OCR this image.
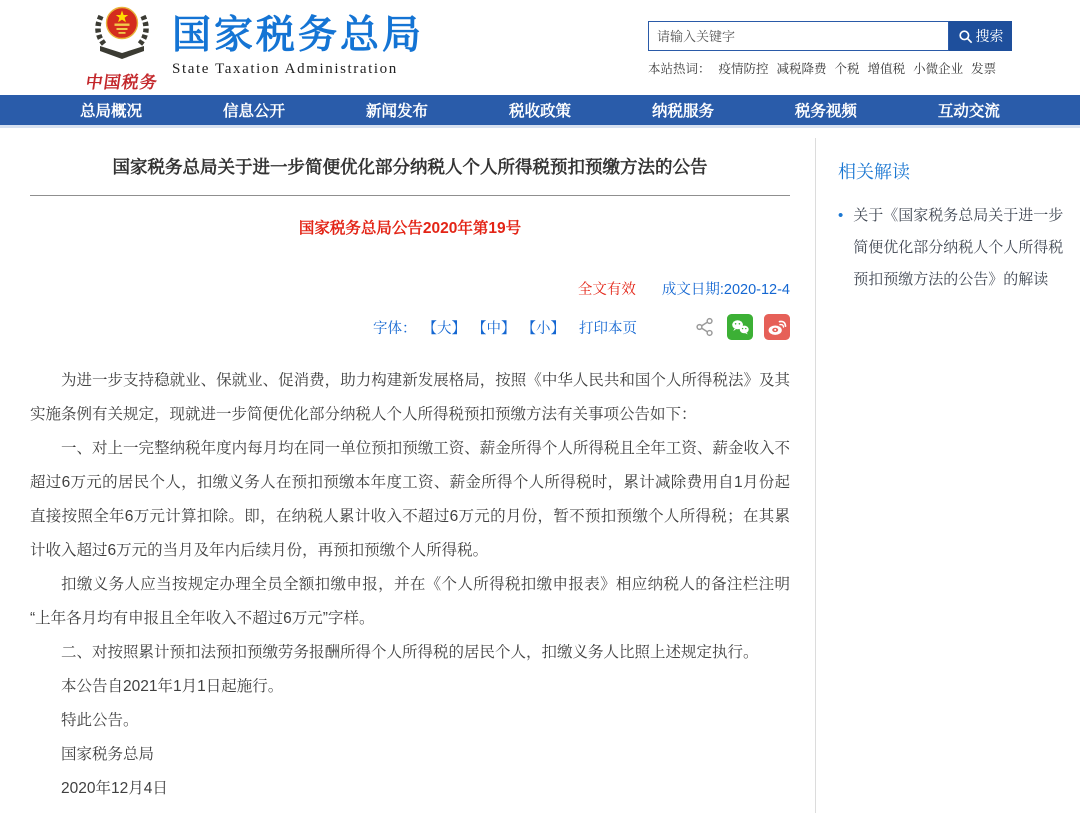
中国税务
国家税务总局
State Taxation Administration
请输入关键字
搜索
本站热词： 疫情防控 减税降费 个税 增值税 小微企业 发票
总局概况	信息公开	新闻发布	税收政策	纳税服务	税务视频	互动交流
国家税务总局关于进一步简便优化部分纳税人个人所得税预扣预缴方法的公告
国家税务总局公告2020年第19号
全文有效 成文日期:2020-12-4
字体： 【大】 【中】 【小】 打印本页

为进一步支持稳就业、保就业、促消费，助力构建新发展格局，按照《中华人民共和国个人所得税法》及其实施条例有关规定，现就进一步简便优化部分纳税人个人所得税预扣预缴方法有关事项公告如下：

一、对上一完整纳税年度内每月均在同一单位预扣预缴工资、薪金所得个人所得税且全年工资、薪金收入不超过6万元的居民个人，扣缴义务人在预扣预缴本年度工资、薪金所得个人所得税时，累计减除费用自1月份起直接按照全年6万元计算扣除。即，在纳税人累计收入不超过6万元的月份，暂不预扣预缴个人所得税；在其累计收入超过6万元的当月及年内后续月份，再预扣预缴个人所得税。

扣缴义务人应当按规定办理全员全额扣缴申报，并在《个人所得税扣缴申报表》相应纳税人的备注栏注明“上年各月均有申报且全年收入不超过6万元”字样。

二、对按照累计预扣法预扣预缴劳务报酬所得个人所得税的居民个人，扣缴义务人比照上述规定执行。

本公告自2021年1月1日起施行。

特此公告。

国家税务总局

2020年12月4日

相关解读
• 关于《国家税务总局关于进一步简便优化部分纳税人个人所得税预扣预缴方法的公告》的解读
